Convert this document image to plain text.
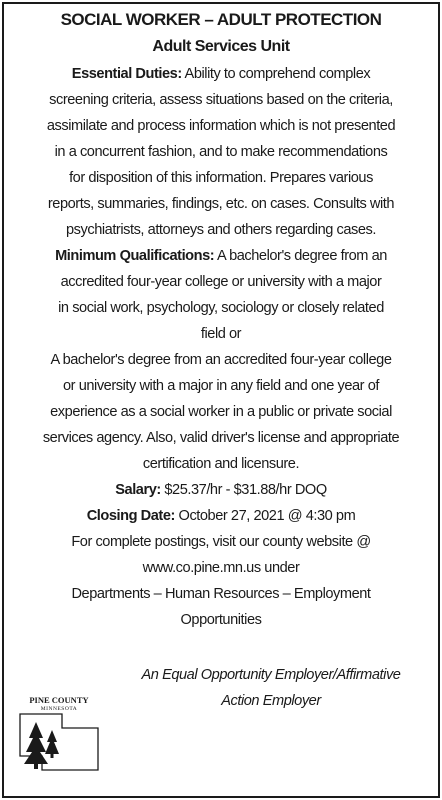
SOCIAL WORKER – ADULT PROTECTION
Adult Services Unit
Essential Duties: Ability to comprehend complex
screening criteria, assess situations based on the criteria,
assimilate and process information which is not presented
in a concurrent fashion, and to make recommendations
for disposition of this information. Prepares various
reports, summaries, findings, etc. on cases. Consults with
psychiatrists, attorneys and others regarding cases.
Minimum Qualifications: A bachelor's degree from an
accredited four-year college or university with a major
in social work, psychology, sociology or closely related
field or
A bachelor's degree from an accredited four-year college
or university with a major in any field and one year of
experience as a social worker in a public or private social
services agency. Also, valid driver's license and appropriate
certification and licensure.
Salary: $25.37/hr - $31.88/hr DOQ
Closing Date: October 27, 2021 @ 4:30 pm
For complete postings, visit our county website @
www.co.pine.mn.us under
Departments – Human Resources – Employment
Opportunities
PINE COUNTY
MINNESOTA
An Equal Opportunity Employer/Affirmative
Action Employer
